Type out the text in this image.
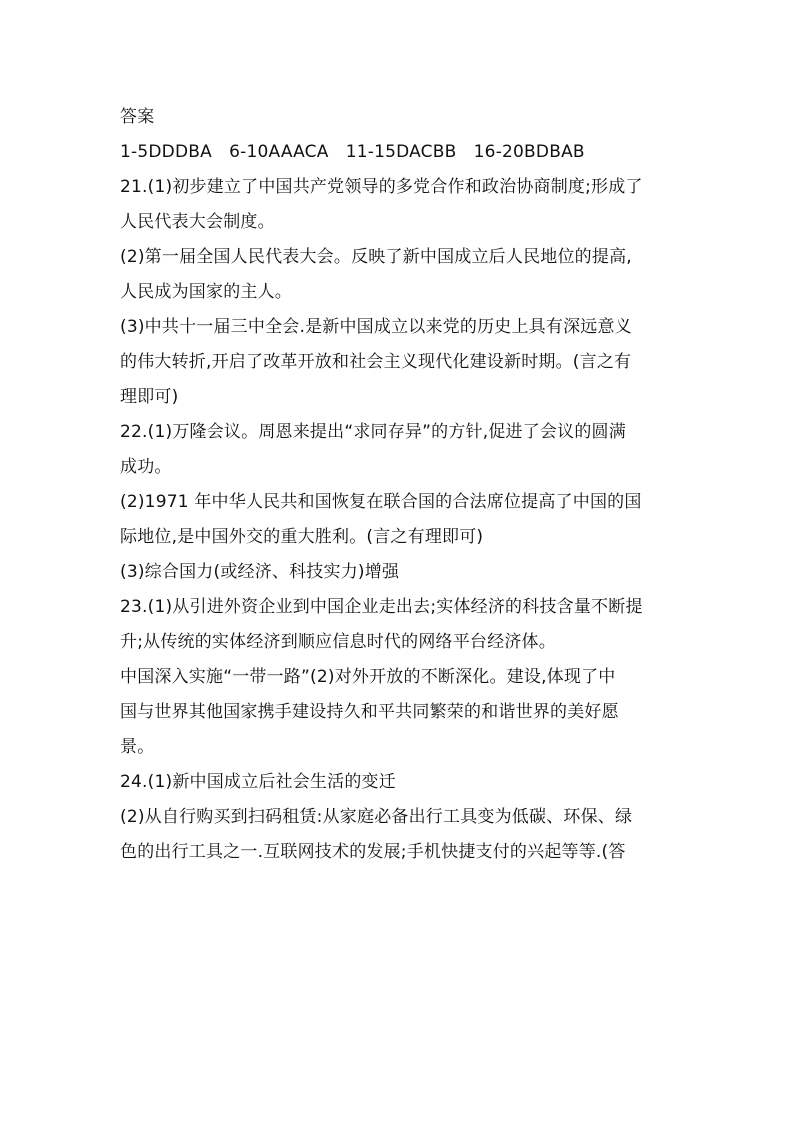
答案
1-5DDDBA　6-10AAACA　11-15DACBB　16-20BDBAB
21.(1)初步建立了中国共产党领导的多党合作和政治协商制度;形成了
人民代表大会制度。
(2)第一届全国人民代表大会。反映了新中国成立后人民地位的提高,
人民成为国家的主人。
(3)中共十一届三中全会.是新中国成立以来党的历史上具有深远意义
的伟大转折,开启了改革开放和社会主义现代化建设新时期。(言之有
理即可)
22.(1)万隆会议。周恩来提出“求同存异”的方针,促进了会议的圆满
成功。
(2)1971 年中华人民共和国恢复在联合国的合法席位提高了中国的国
际地位,是中国外交的重大胜利。(言之有理即可)
(3)综合国力(或经济、科技实力)增强
23.(1)从引进外资企业到中国企业走出去;实体经济的科技含量不断提
升;从传统的实体经济到顺应信息时代的网络平台经济体。
中国深入实施“一带一路”(2)对外开放的不断深化。建设,体现了中
国与世界其他国家携手建设持久和平共同繁荣的和谐世界的美好愿
景。
24.(1)新中国成立后社会生活的变迁
(2)从自行购买到扫码租赁:从家庭必备出行工具变为低碳、环保、绿
色的出行工具之一.互联网技术的发展;手机快捷支付的兴起等等.(答
